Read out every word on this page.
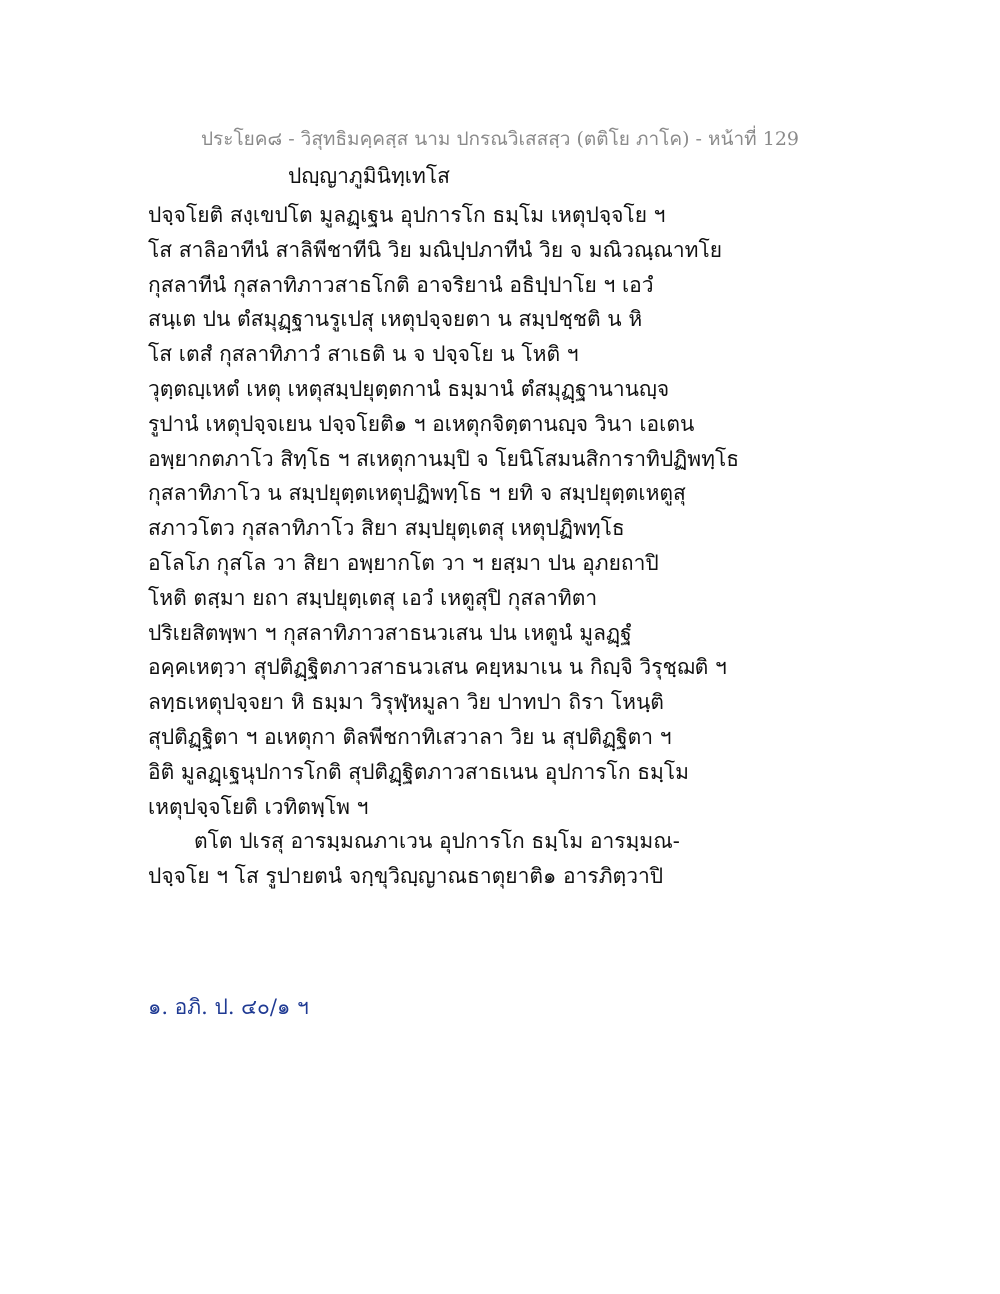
ประโยค๘ - วิสุทธิมคฺคสฺส นาม ปกรณวิเสสสฺว (ตติโย ภาโค) - หน้าที่ 129
ปญฺญาภูมินิทฺเทโส
ปจฺจโยติ สงฺเขปโต มูลฏฺเฐน อุปการโก ธมฺโม เหตุปจฺจโย ฯ
โส สาลิอาทีนํ สาลิพีชาทีนิ วิย มณิปฺปภาทีนํ วิย จ มณิวณฺณาทโย
กุสลาทีนํ กุสลาทิภาวสาธโกติ อาจริยานํ อธิปฺปาโย ฯ เอวํ
สนฺเต ปน ตํสมุฏฺฐานรูเปสุ เหตุปจฺจยตา น สมฺปชฺชติ น หิ
โส เตสํ กุสลาทิภาวํ สาเธติ น จ ปจฺจโย น โหติ ฯ
วุตฺตญฺเหตํ เหตุ เหตุสมฺปยุตฺตกานํ ธมฺมานํ ตํสมุฏฺฐานานญฺจ
รูปานํ เหตุปจฺจเยน ปจฺจโยติ๑ ฯ อเหตุกจิตฺตานญฺจ วินา เอเตน
อพฺยากตภาโว สิทฺโธ ฯ สเหตุกานมฺปิ จ โยนิโสมนสิการาทิปฏิพทฺโธ
กุสลาทิภาโว น สมฺปยุตฺตเหตุปฏิพทฺโธ ฯ ยทิ จ สมฺปยุตฺตเหตูสุ
สภาวโตว กุสลาทิภาโว สิยา สมฺปยุตฺเตสุ เหตุปฏิพทฺโธ
อโลโภ กุสโล วา สิยา อพฺยากโต วา ฯ ยสฺมา ปน อุภยถาปิ
โหติ ตสฺมา ยถา สมฺปยุตฺเตสุ เอวํ เหตูสุปิ กุสลาทิตา
ปริเยสิตพฺพา ฯ กุสลาทิภาวสาธนวเสน ปน เหตูนํ มูลฏฺฐํ
อคฺคเหตฺวา สุปติฏฺฐิตภาวสาธนวเสน คยฺหมาเน น กิญฺจิ วิรุชฺฌติ ฯ
ลทฺธเหตุปจฺจยา หิ ธมฺมา วิรุฬฺหมูลา วิย ปาทปา ถิรา โหนฺติ
สุปติฏฺฐิตา ฯ อเหตุกา ติลพีชกาทิเสวาลา วิย น สุปติฏฺฐิตา ฯ
อิติ มูลฏฺเฐนุปการโกติ สุปติฏฺฐิตภาวสาธเนน อุปการโก ธมฺโม
เหตุปจฺจโยติ เวทิตพฺโพ ฯ
ตโต ปเรสุ อารมฺมณภาเวน อุปการโก ธมฺโม อารมฺมณ-
ปจฺจโย ฯ โส รูปายตนํ จกฺขุวิญฺญาณธาตุยาติ๑ อารภิตฺวาปิ
๑. อภิ. ป. ๔๐/๑ ฯ
